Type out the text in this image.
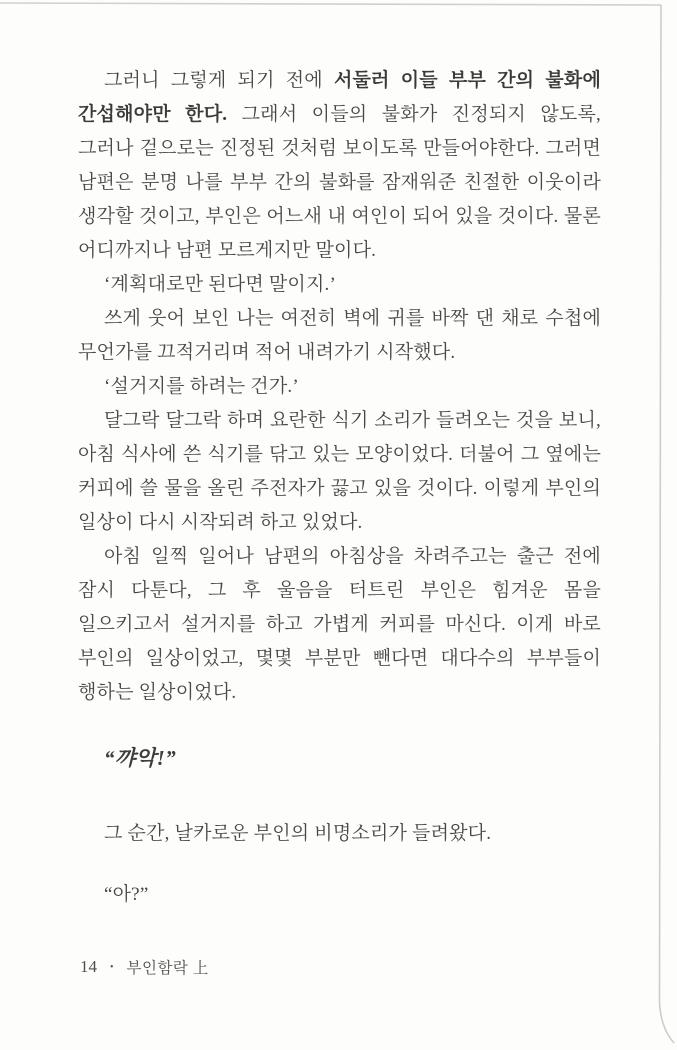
그러니 그렇게 되기 전에 서둘러 이들 부부 간의 불화에 간섭해야만 한다. 그래서 이들의 불화가 진정되지 않도록, 그러나 겉으로는 진정된 것처럼 보이도록 만들어야한다. 그러면 남편은 분명 나를 부부 간의 불화를 잠재워준 친절한 이웃이라 생각할 것이고, 부인은 어느새 내 여인이 되어 있을 것이다. 물론 어디까지나 남편 모르게지만 말이다.

‘계획대로만 된다면 말이지.’

쓰게 웃어 보인 나는 여전히 벽에 귀를 바짝 댄 채로 수첩에 무언가를 끄적거리며 적어 내려가기 시작했다.

‘설거지를 하려는 건가.’

달그락 달그락 하며 요란한 식기 소리가 들려오는 것을 보니, 아침 식사에 쓴 식기를 닦고 있는 모양이었다. 더불어 그 옆에는 커피에 쓸 물을 올린 주전자가 끓고 있을 것이다. 이렇게 부인의 일상이 다시 시작되려 하고 있었다.

아침 일찍 일어나 남편의 아침상을 차려주고는 출근 전에 잠시 다툰다, 그 후 울음을 터트린 부인은 힘겨운 몸을 일으키고서 설거지를 하고 가볍게 커피를 마신다. 이게 바로 부인의 일상이었고, 몇몇 부분만 뺀다면 대다수의 부부들이 행하는 일상이었다.

“꺄악!”

그 순간, 날카로운 부인의 비명소리가 들려왔다.

“아?”

14 • 부인함락 上
